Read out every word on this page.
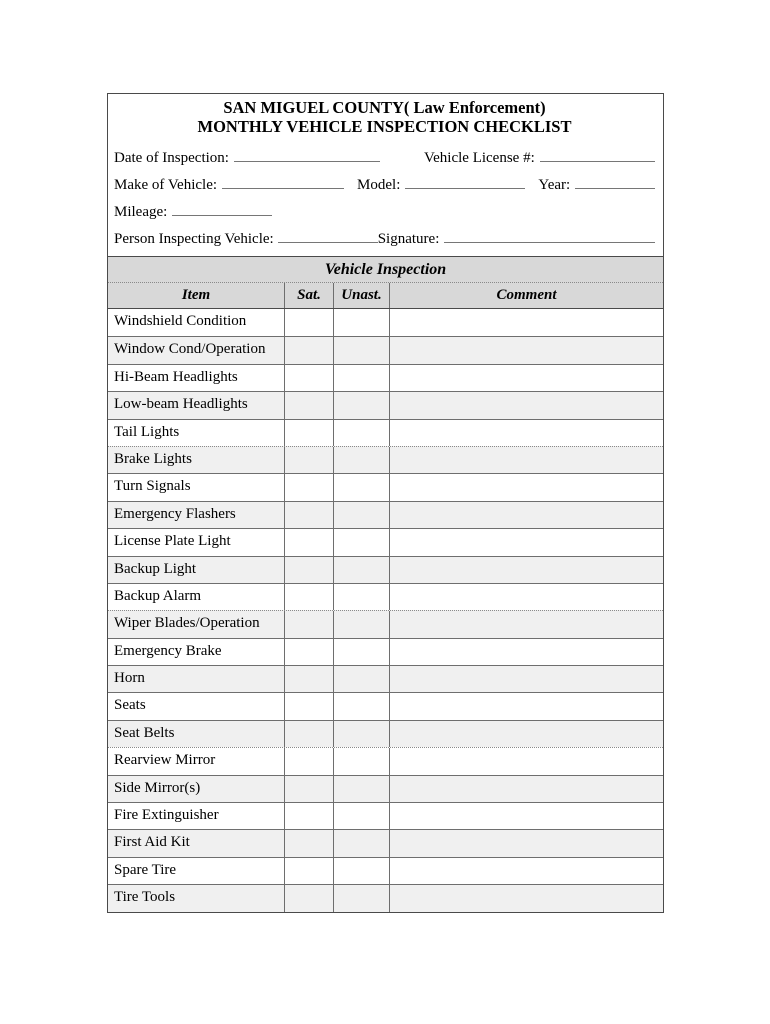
SAN MIGUEL COUNTY( Law Enforcement)
MONTHLY VEHICLE INSPECTION CHECKLIST
Date of Inspection:	Vehicle License #:
Make of Vehicle:	Model:	Year:
Mileage:
Person Inspecting Vehicle:	Signature:
Vehicle Inspection
Item	Sat.	Unast.	Comment
Windshield Condition
Window Cond/Operation
Hi-Beam Headlights
Low-beam Headlights
Tail Lights
Brake Lights
Turn Signals
Emergency Flashers
License Plate Light
Backup Light
Backup Alarm
Wiper Blades/Operation
Emergency Brake
Horn
Seats
Seat Belts
Rearview Mirror
Side Mirror(s)
Fire Extinguisher
First Aid Kit
Spare Tire
Tire Tools
